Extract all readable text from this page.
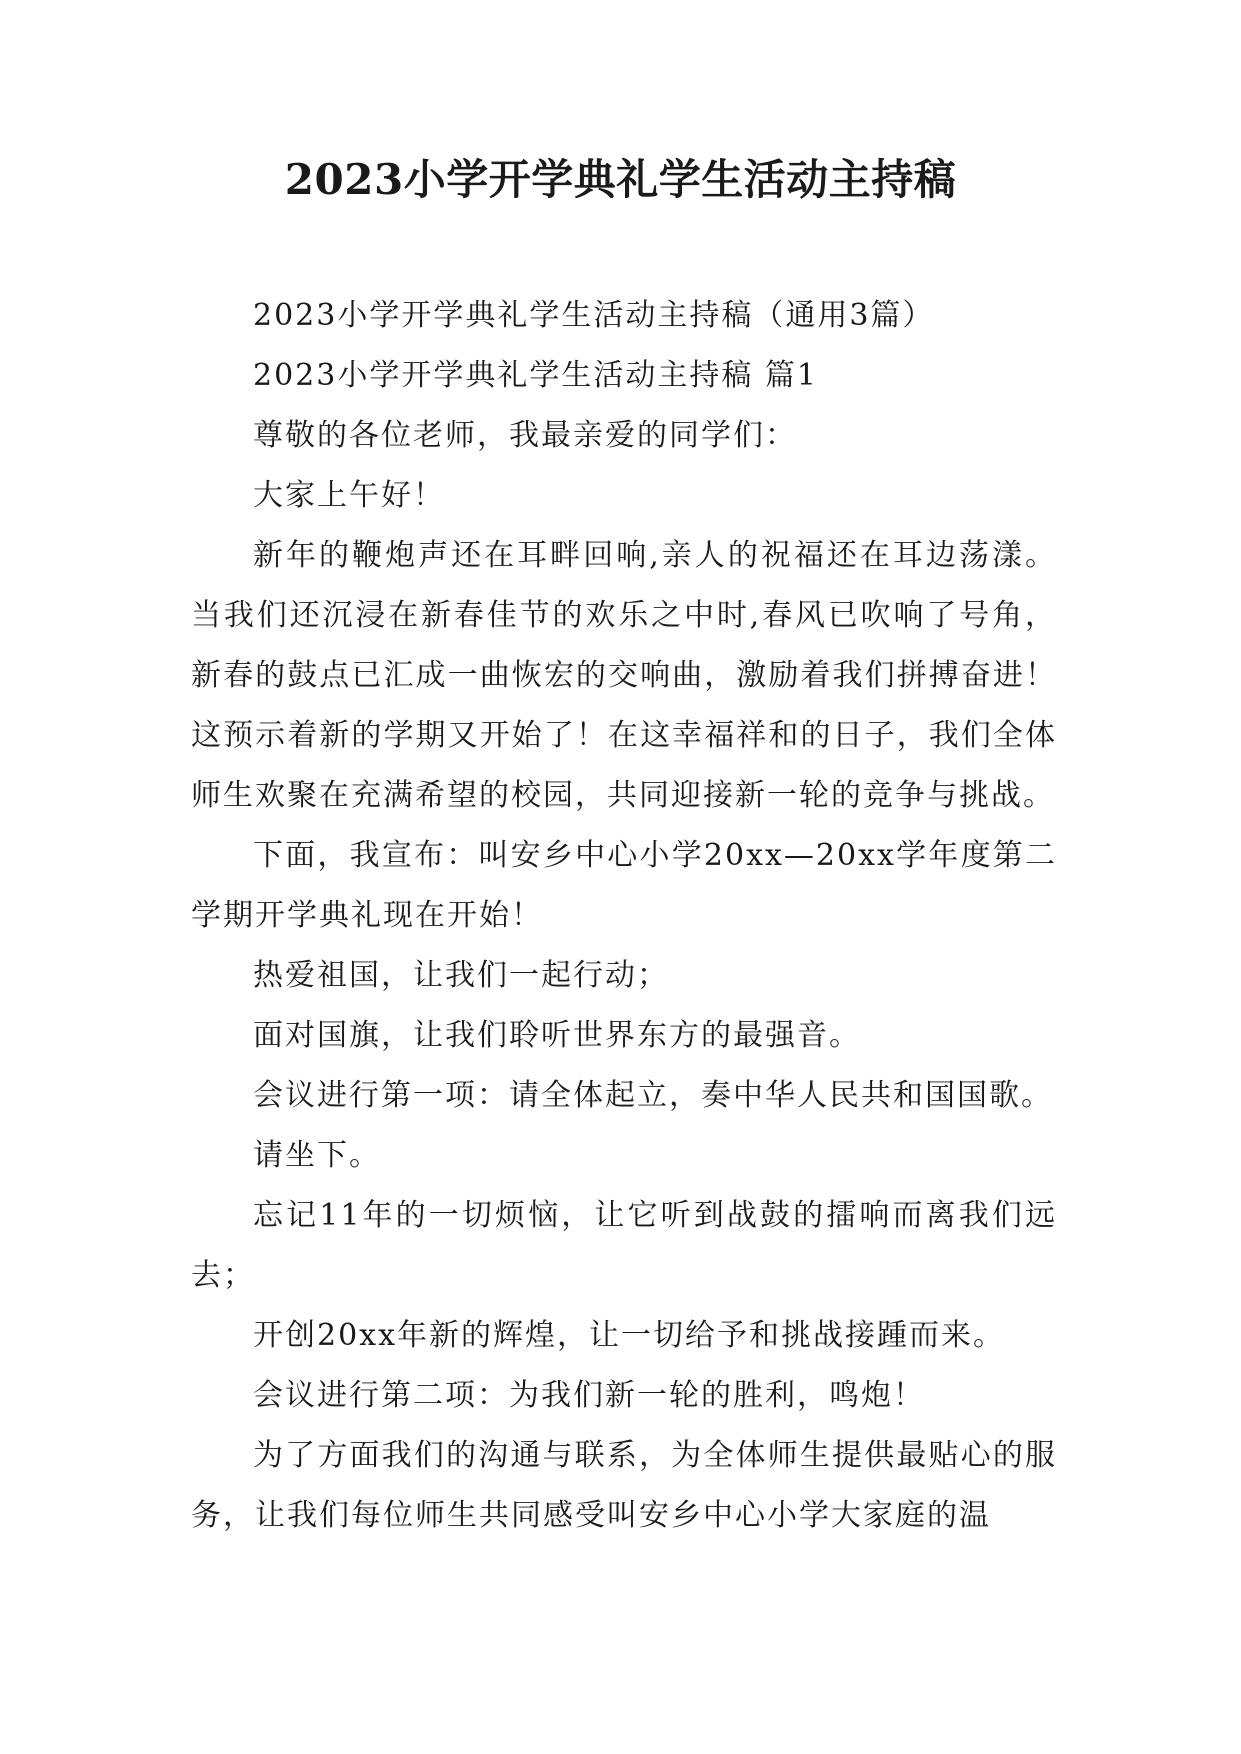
2023小学开学典礼学生活动主持稿

2023小学开学典礼学生活动主持稿（通用3篇）

2023小学开学典礼学生活动主持稿 篇1

尊敬的各位老师，我最亲爱的同学们：

大家上午好！

新年的鞭炮声还在耳畔回响,亲人的祝福还在耳边荡漾。当我们还沉浸在新春佳节的欢乐之中时,春风已吹响了号角，新春的鼓点已汇成一曲恢宏的交响曲，激励着我们拼搏奋进！这预示着新的学期又开始了！在这幸福祥和的日子，我们全体师生欢聚在充满希望的校园，共同迎接新一轮的竞争与挑战。

下面，我宣布：叫安乡中心小学20xx—20xx学年度第二学期开学典礼现在开始！

热爱祖国，让我们一起行动；

面对国旗，让我们聆听世界东方的最强音。

会议进行第一项：请全体起立，奏中华人民共和国国歌。

请坐下。

忘记11年的一切烦恼，让它听到战鼓的擂响而离我们远去；

开创20xx年新的辉煌，让一切给予和挑战接踵而来。

会议进行第二项：为我们新一轮的胜利，鸣炮！

为了方面我们的沟通与联系，为全体师生提供最贴心的服务，让我们每位师生共同感受叫安乡中心小学大家庭的温
